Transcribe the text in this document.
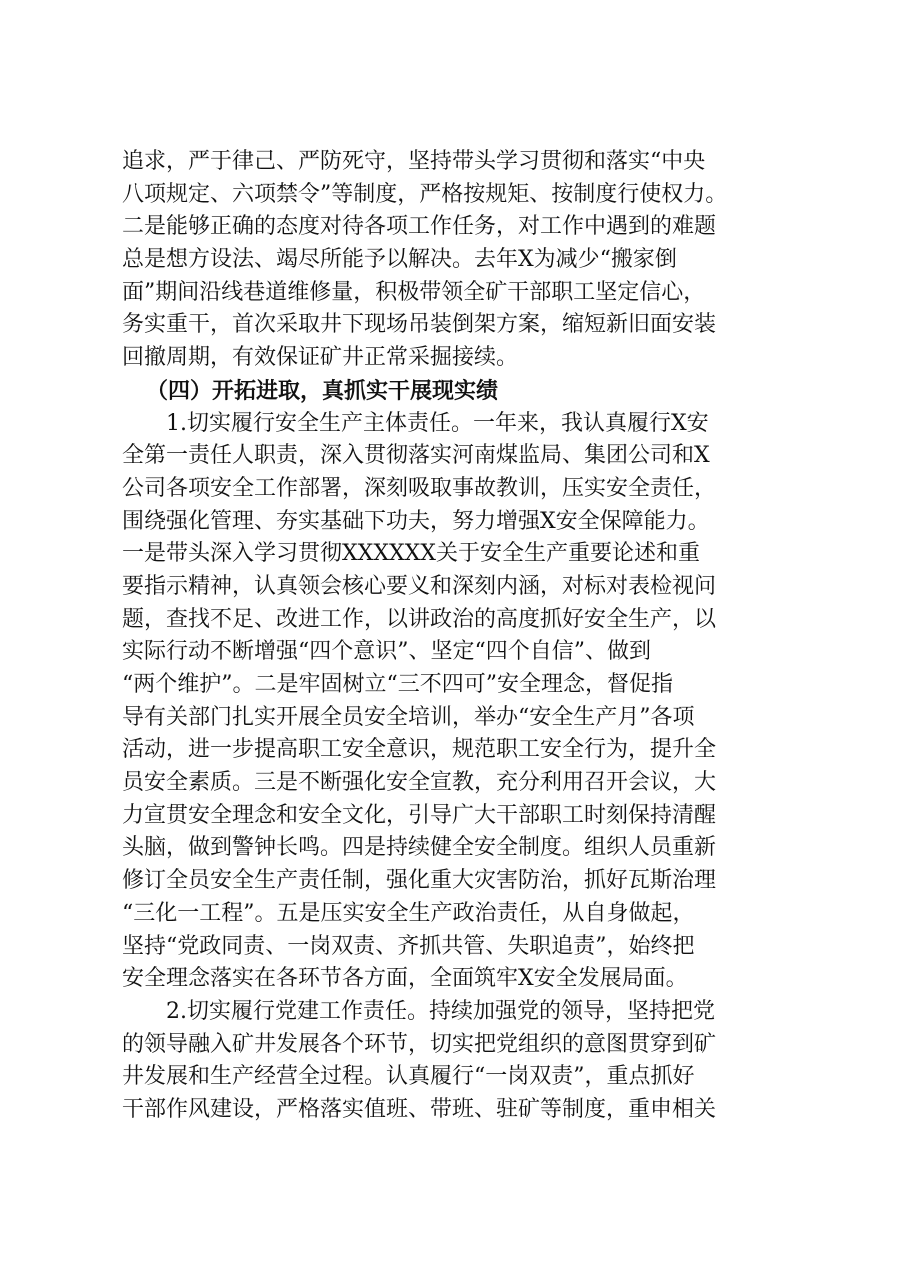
追求，严于律己、严防死守，坚持带头学习贯彻和落实“中央
八项规定、六项禁令”等制度，严格按规矩、按制度行使权力。
二是能够正确的态度对待各项工作任务，对工作中遇到的难题
总是想方设法、竭尽所能予以解决。去年X为减少“搬家倒
面”期间沿线巷道维修量，积极带领全矿干部职工坚定信心，
务实重干，首次采取井下现场吊装倒架方案，缩短新旧面安装
回撤周期，有效保证矿井正常采掘接续。
（四）开拓进取，真抓实干展现实绩
1.切实履行安全生产主体责任。一年来，我认真履行X安
全第一责任人职责，深入贯彻落实河南煤监局、集团公司和X
公司各项安全工作部署，深刻吸取事故教训，压实安全责任，
围绕强化管理、夯实基础下功夫，努力增强X安全保障能力。
一是带头深入学习贯彻XXXXXX关于安全生产重要论述和重
要指示精神，认真领会核心要义和深刻内涵，对标对表检视问
题，查找不足、改进工作，以讲政治的高度抓好安全生产，以
实际行动不断增强“四个意识”、坚定“四个自信”、做到
“两个维护”。二是牢固树立“三不四可”安全理念，督促指
导有关部门扎实开展全员安全培训，举办“安全生产月”各项
活动，进一步提高职工安全意识，规范职工安全行为，提升全
员安全素质。三是不断强化安全宣教，充分利用召开会议，大
力宣贯安全理念和安全文化，引导广大干部职工时刻保持清醒
头脑，做到警钟长鸣。四是持续健全安全制度。组织人员重新
修订全员安全生产责任制，强化重大灾害防治，抓好瓦斯治理
“三化一工程”。五是压实安全生产政治责任，从自身做起，
坚持“党政同责、一岗双责、齐抓共管、失职追责”，始终把
安全理念落实在各环节各方面，全面筑牢X安全发展局面。
2.切实履行党建工作责任。持续加强党的领导，坚持把党
的领导融入矿井发展各个环节，切实把党组织的意图贯穿到矿
井发展和生产经营全过程。认真履行“一岗双责”，重点抓好
干部作风建设，严格落实值班、带班、驻矿等制度，重申相关
